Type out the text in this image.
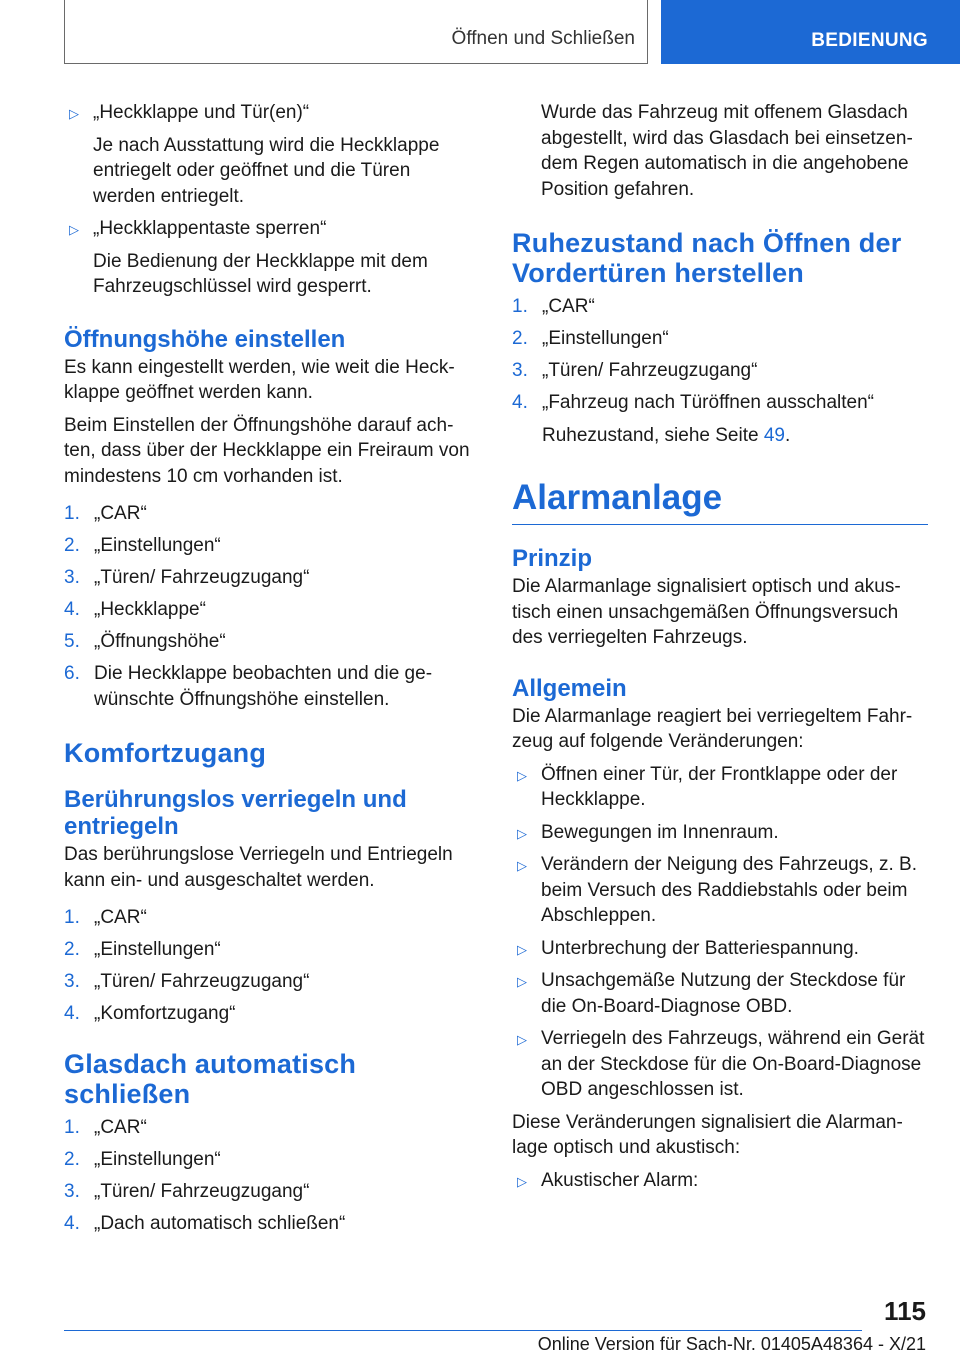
Öffnen und Schließen	BEDIENUNG

▷ „Heckklappe und Tür(en)“

Je nach Ausstattung wird die Heckklappe entriegelt oder geöffnet und die Türen werden entriegelt.

▷ „Heckklappentaste sperren“

Die Bedienung der Heckklappe mit dem Fahrzeugschlüssel wird gesperrt.

Öffnungshöhe einstellen

Es kann eingestellt werden, wie weit die Heckklappe geöffnet werden kann.

Beim Einstellen der Öffnungshöhe darauf achten, dass über der Heckklappe ein Freiraum von mindestens 10 cm vorhanden ist.

1. „CAR“

2. „Einstellungen“

3. „Türen/ Fahrzeugzugang“

4. „Heckklappe“

5. „Öffnungshöhe“

6. Die Heckklappe beobachten und die gewünschte Öffnungshöhe einstellen.

Komfortzugang
Berührungslos verriegeln und entriegeln

Das berührungslose Verriegeln und Entriegeln kann ein- und ausgeschaltet werden.

1. „CAR“

2. „Einstellungen“

3. „Türen/ Fahrzeugzugang“

4. „Komfortzugang“

Glasdach automatisch schließen
1. „CAR“

2. „Einstellungen“

3. „Türen/ Fahrzeugzugang“

4. „Dach automatisch schließen“

Wurde das Fahrzeug mit offenem Glasdach abgestellt, wird das Glasdach bei einsetzendem Regen automatisch in die angehobene Position gefahren.

Ruhezustand nach Öffnen der Vordertüren herstellen
1. „CAR“

2. „Einstellungen“

3. „Türen/ Fahrzeugzugang“

4. „Fahrzeug nach Türöffnen ausschalten“

Ruhezustand, siehe Seite 49.

Alarmanlage
Prinzip

Die Alarmanlage signalisiert optisch und akustisch einen unsachgemäßen Öffnungsversuch des verriegelten Fahrzeugs.

Allgemein

Die Alarmanlage reagiert bei verriegeltem Fahrzeug auf folgende Veränderungen:

▷ Öffnen einer Tür, der Frontklappe oder der Heckklappe.

▷ Bewegungen im Innenraum.

▷ Verändern der Neigung des Fahrzeugs, z. B. beim Versuch des Raddiebstahls oder beim Abschleppen.

▷ Unterbrechung der Batteriespannung.

▷ Unsachgemäße Nutzung der Steckdose für die On-Board-Diagnose OBD.

▷ Verriegeln des Fahrzeugs, während ein Gerät an der Steckdose für die On-Board-Diagnose OBD angeschlossen ist.

Diese Veränderungen signalisiert die Alarmanlage optisch und akustisch:

▷ Akustischer Alarm:

115
Online Version für Sach-Nr. 01405A48364 - X/21
